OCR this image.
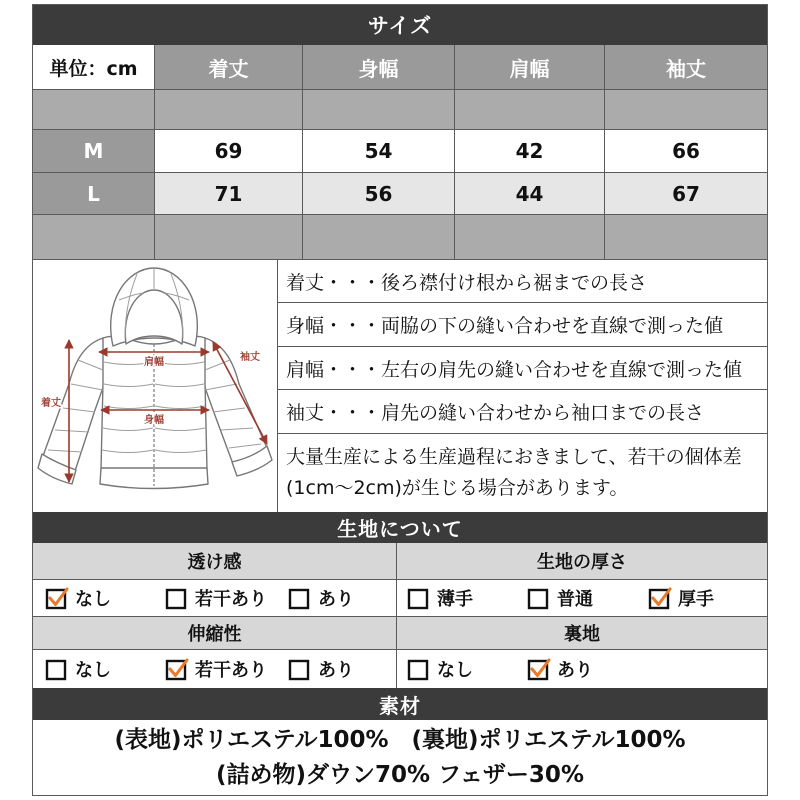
サイズ
単位：cm	着丈	身幅	肩幅	袖丈
M	69	54	42	66
L	71	56	44	67
肩幅
身幅
着丈
袖丈
着丈・・・後ろ襟付け根から裾までの長さ
身幅・・・両脇の下の縫い合わせを直線で測った値
肩幅・・・左右の肩先の縫い合わせを直線で測った値
袖丈・・・肩先の縫い合わせから袖口までの長さ
大量生産による生産過程におきまして、若干の個体差
(1cm〜2cm)が生じる場合があります。
生地について
透け感	生地の厚さ
なし	若干あり	あり	薄手	普通	厚手
伸縮性	裏地
なし	若干あり	あり	なし	あり
素材
(表地)ポリエステル100%　(裏地)ポリエステル100%
(詰め物)ダウン70% フェザー30%
